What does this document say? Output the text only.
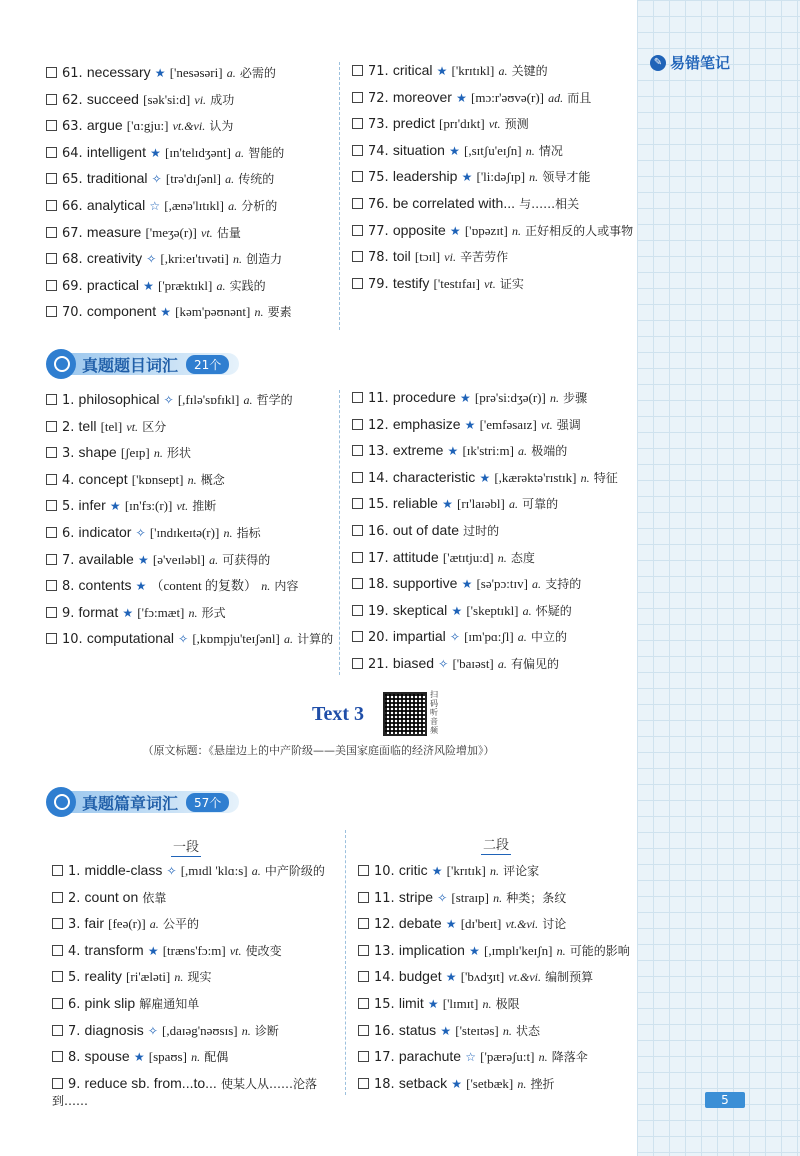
✎ 易错笔记
61. necessary ★ ['nesəsəri] a. 必需的
62. succeed [sək'si:d] vi. 成功
63. argue ['ɑ:gju:] vt.&vi. 认为
64. intelligent ★ [ɪn'telɪdʒənt] a. 智能的
65. traditional ✧ [trə'dɪʃənl] a. 传统的
66. analytical ☆ [,ænə'lɪtɪkl] a. 分析的
67. measure ['meʒə(r)] vt. 估量
68. creativity ✧ [,kri:eɪ'tɪvəti] n. 创造力
69. practical ★ ['præktɪkl] a. 实践的
70. component ★ [kəm'pəʊnənt] n. 要素
71. critical ★ ['krɪtɪkl] a. 关键的
72. moreover ★ [mɔ:r'əʊvə(r)] ad. 而且
73. predict [prɪ'dɪkt] vt. 预测
74. situation ★ [,sɪtʃu'eɪʃn] n. 情况
75. leadership ★ ['li:dəʃɪp] n. 领导才能
76. be correlated with... 与……相关
77. opposite ★ ['ɒpəzɪt] n. 正好相反的人或事物
78. toil [tɔɪl] vi. 辛苦劳作
79. testify ['testɪfaɪ] vt. 证实
真题题目词汇	21个
1. philosophical ✧ [,fɪlə'sɒfɪkl] a. 哲学的
2. tell [tel] vt. 区分
3. shape [ʃeɪp] n. 形状
4. concept ['kɒnsept] n. 概念
5. infer ★ [ɪn'fɜ:(r)] vt. 推断
6. indicator ✧ ['ɪndɪkeɪtə(r)] n. 指标
7. available ★ [ə'veɪləbl] a. 可获得的
8. contents ★ （content 的复数） n. 内容
9. format ★ ['fɔ:mæt] n. 形式
10. computational ✧ [,kɒmpju'teɪʃənl] a. 计算的
11. procedure ★ [prə'si:dʒə(r)] n. 步骤
12. emphasize ★ ['emfəsaɪz] vt. 强调
13. extreme ★ [ɪk'stri:m] a. 极端的
14. characteristic ★ [,kærəktə'rɪstɪk] n. 特征
15. reliable ★ [rɪ'laɪəbl] a. 可靠的
16. out of date 过时的
17. attitude ['ætɪtju:d] n. 态度
18. supportive ★ [sə'pɔ:tɪv] a. 支持的
19. skeptical ★ ['skeptɪkl] a. 怀疑的
20. impartial ✧ [ɪm'pɑ:ʃl] a. 中立的
21. biased ✧ ['baɪəst] a. 有偏见的
Text 3
扫码听音频
（原文标题：《悬崖边上的中产阶级——美国家庭面临的经济风险增加》）
真题篇章词汇	57个
一段	二段
1. middle-class ✧ [,mɪdl 'klɑ:s] a. 中产阶级的
2. count on 依靠
3. fair [feə(r)] a. 公平的
4. transform ★ [træns'fɔ:m] vt. 使改变
5. reality [ri'æləti] n. 现实
6. pink slip 解雇通知单
7. diagnosis ✧ [,daɪəg'nəʊsɪs] n. 诊断
8. spouse ★ [spaʊs] n. 配偶
9. reduce sb. from...to... 使某人从……沦落到……
10. critic ★ ['krɪtɪk] n. 评论家
11. stripe ✧ [straɪp] n. 种类；条纹
12. debate ★ [dɪ'beɪt] vt.&vi. 讨论
13. implication ★ [,ɪmplɪ'keɪʃn] n. 可能的影响
14. budget ★ ['bʌdʒɪt] vt.&vi. 编制预算
15. limit ★ ['lɪmɪt] n. 极限
16. status ★ ['steɪtəs] n. 状态
17. parachute ☆ ['pærəʃu:t] n. 降落伞
18. setback ★ ['setbæk] n. 挫折
5
